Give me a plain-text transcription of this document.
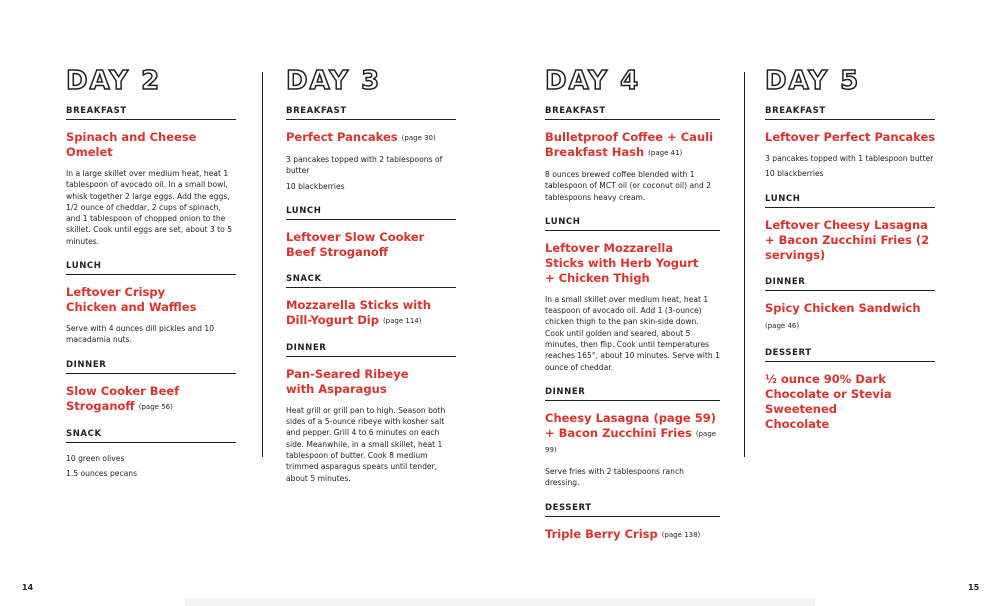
DAY 2
BREAKFAST
Spinach and Cheese Omelet
In a large skillet over medium heat, heat 1 tablespoon of avocado oil. In a small bowl, whisk together 2 large eggs. Add the eggs, 1/2 ounce of cheddar, 2 cups of spinach, and 1 tablespoon of chopped onion to the skillet. Cook until eggs are set, about 3 to 5 minutes.
LUNCH
Leftover Crispy Chicken and Waffles
Serve with 4 ounces dill pickles and 10 macadamia nuts.
DINNER
Slow Cooker Beef Stroganoff (page 56)
SNACK
10 green olives
1.5 ounces pecans
DAY 3
BREAKFAST
Perfect Pancakes (page 30)
3 pancakes topped with 2 tablespoons of butter
10 blackberries
LUNCH
Leftover Slow Cooker Beef Stroganoff
SNACK
Mozzarella Sticks with Dill-Yogurt Dip (page 114)
DINNER
Pan-Seared Ribeye with Asparagus
Heat grill or grill pan to high. Season both sides of a 5-ounce ribeye with kosher salt and pepper. Grill 4 to 6 minutes on each side. Meanwhile, in a small skillet, heat 1 tablespoon of butter. Cook 8 medium trimmed asparagus spears until tender, about 5 minutes.
DAY 4
BREAKFAST
Bulletproof Coffee + Cauli Breakfast Hash (page 41)
8 ounces brewed coffee blended with 1 tablespoon of MCT oil (or coconut oil) and 2 tablespoons heavy cream.
LUNCH
Leftover Mozzarella Sticks with Herb Yogurt + Chicken Thigh
In a small skillet over medium heat, heat 1 teaspoon of avocado oil. Add 1 (3-ounce) chicken thigh to the pan skin-side down. Cook until golden and seared, about 5 minutes, then flip. Cook until temperatures reaches 165°, about 10 minutes. Serve with 1 ounce of cheddar.
DINNER
Cheesy Lasagna (page 59) + Bacon Zucchini Fries (page 99)
Serve fries with 2 tablespoons ranch dressing.
DESSERT
Triple Berry Crisp (page 138)
DAY 5
BREAKFAST
Leftover Perfect Pancakes
3 pancakes topped with 1 tablespoon butter
10 blackberries
LUNCH
Leftover Cheesy Lasagna + Bacon Zucchini Fries (2 servings)
DINNER
Spicy Chicken Sandwich
(page 46)
DESSERT
½ ounce 90% Dark Chocolate or Stevia Sweetened Chocolate
14	15
